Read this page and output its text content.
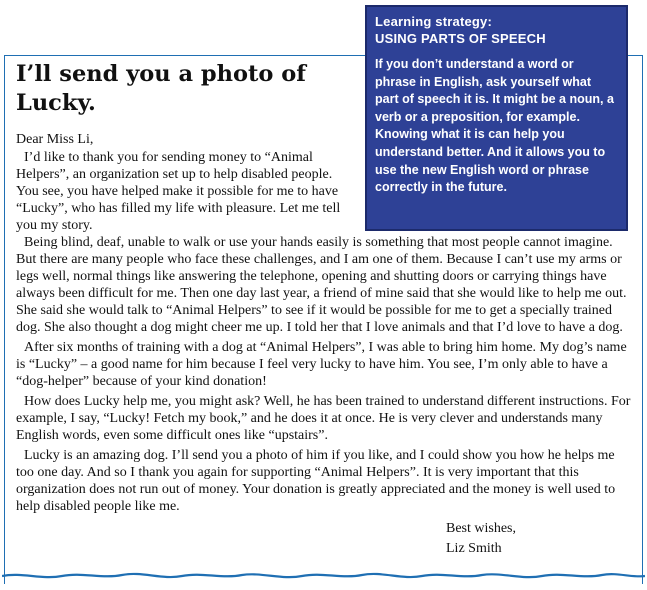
I’ll send you a photo of Lucky.
Dear Miss Li,

I’d like to thank you for sending money to “Animal Helpers”, an organization set up to help disabled people. You see, you have helped make it possible for me to have “Lucky”, who has filled my life with pleasure. Let me tell you my story.

Being blind, deaf, unable to walk or use your hands easily is something that most people cannot imagine. But there are many people who face these challenges, and I am one of them. Because I can’t use my arms or legs well, normal things like answering the telephone, opening and shutting doors or carrying things have always been difficult for me. Then one day last year, a friend of mine said that she would like to help me out. She said she would talk to “Animal Helpers” to see if it would be possible for me to get a specially trained dog. She also thought a dog might cheer me up. I told her that I love animals and that I’d love to have a dog.

After six months of training with a dog at “Animal Helpers”, I was able to bring him home. My dog’s name is “Lucky” – a good name for him because I feel very lucky to have him. You see, I’m only able to have a “dog-helper” because of your kind donation!

How does Lucky help me, you might ask? Well, he has been trained to understand different instructions. For example, I say, “Lucky! Fetch my book,” and he does it at once. He is very clever and understands many English words, even some difficult ones like “upstairs”.

Lucky is an amazing dog. I’ll send you a photo of him if you like, and I could show you how he helps me too one day. And so I thank you again for supporting “Animal Helpers”. It is very important that this organization does not run out of money. Your donation is greatly appreciated and the money is well used to help disabled people like me.

Best wishes,
Liz Smith
Learning strategy:
USING PARTS OF SPEECH
If you don’t understand a word or phrase in English, ask yourself what part of speech it is. It might be a noun, a verb or a preposition, for example. Knowing what it is can help you understand better. And it allows you to use the new English word or phrase correctly in the future.
